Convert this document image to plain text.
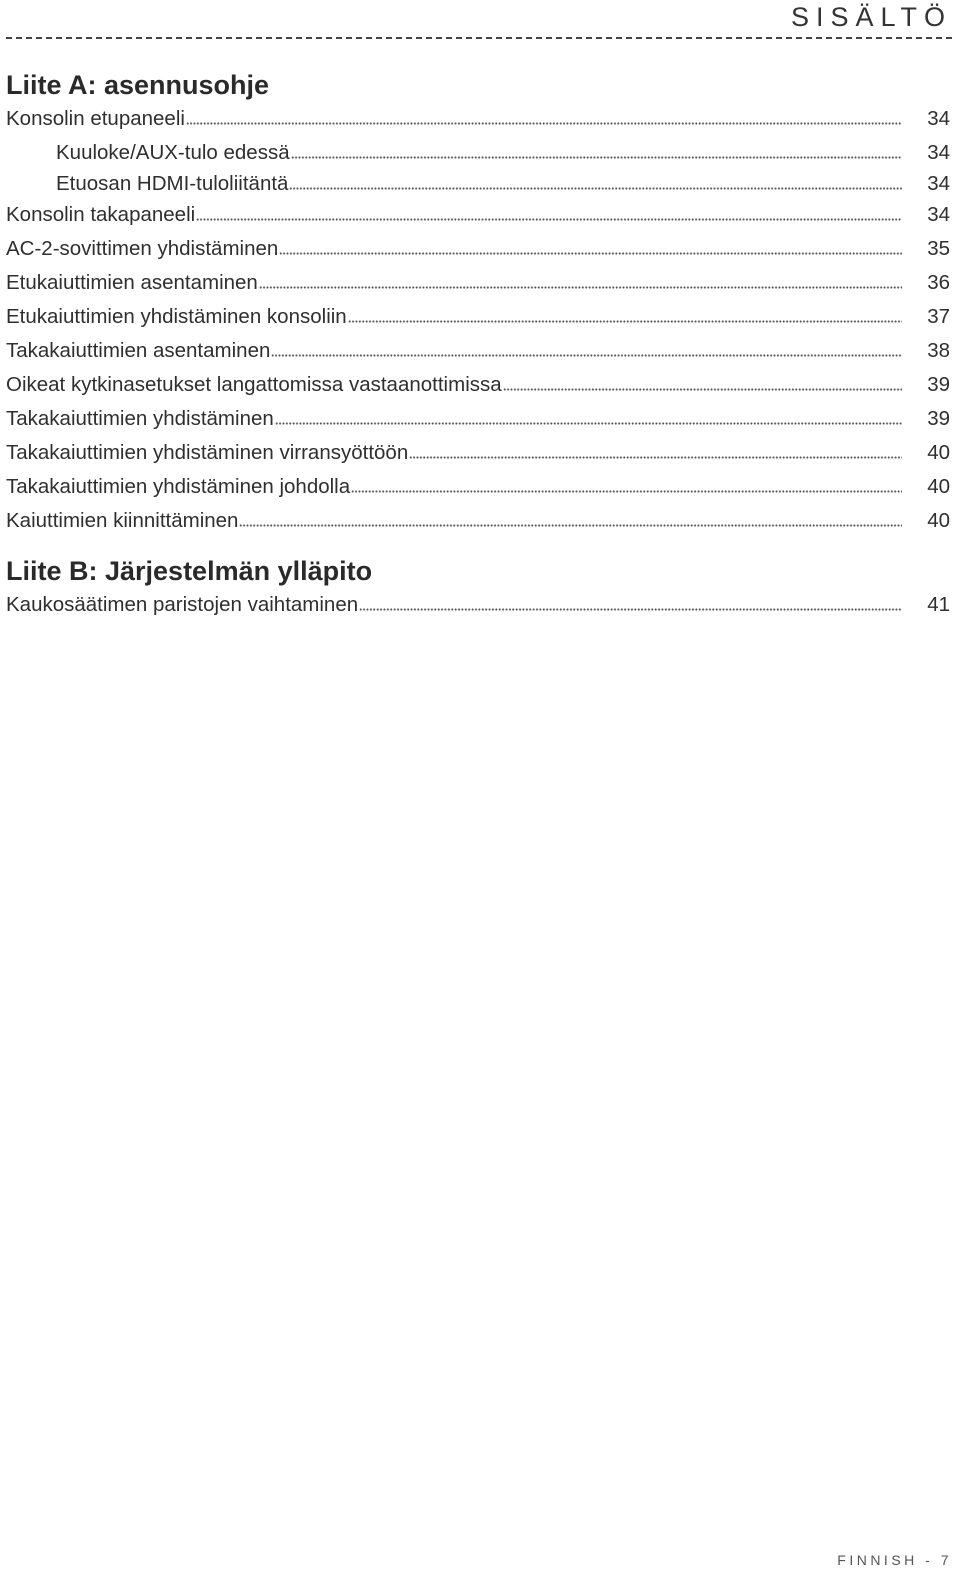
SISÄLTÖ
Liite A: asennusohje
Konsolin etupaneeli	34
Kuuloke/AUX-tulo edessä	34
Etuosan HDMI-tuloliitäntä	34
Konsolin takapaneeli	34
AC-2-sovittimen yhdistäminen	35
Etukaiuttimien asentaminen	36
Etukaiuttimien yhdistäminen konsoliin	37
Takakaiuttimien asentaminen	38
Oikeat kytkinasetukset langattomissa vastaanottimissa	39
Takakaiuttimien yhdistäminen	39
Takakaiuttimien yhdistäminen virransyöttöön	40
Takakaiuttimien yhdistäminen johdolla	40
Kaiuttimien kiinnittäminen	40
Liite B: Järjestelmän ylläpito
Kaukosäätimen paristojen vaihtaminen	41
FINNISH - 7
